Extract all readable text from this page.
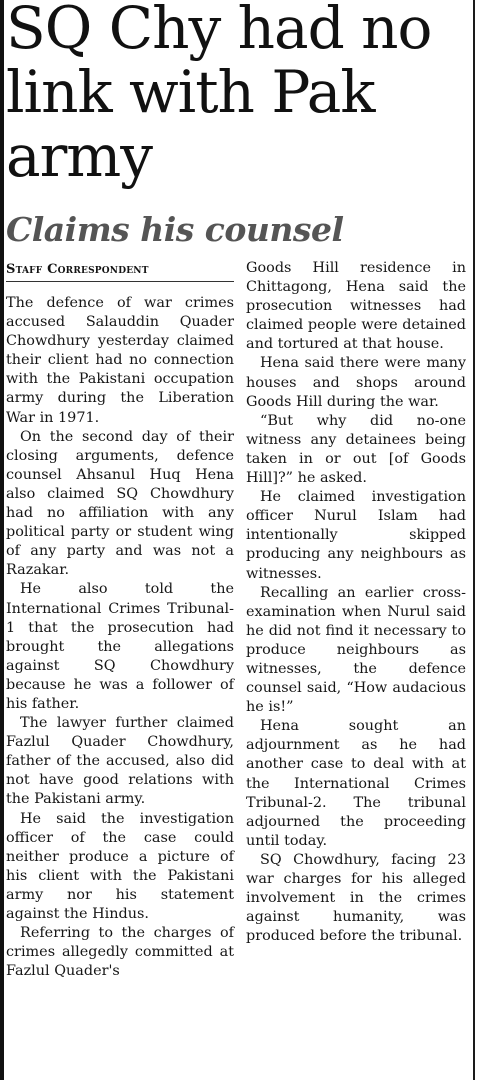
SQ Chy had no link with Pak army
Claims his counsel
Staff Correspondent

The defence of war crimes accused Salauddin Quader Chowdhury yesterday claimed their client had no connection with the Pakistani occupation army during the Liberation War in 1971.

On the second day of their closing arguments, defence counsel Ahsanul Huq Hena also claimed SQ Chowdhury had no affiliation with any political party or student wing of any party and was not a Razakar.

He also told the International Crimes Tribunal-1 that the prosecution had brought the allegations against SQ Chowdhury because he was a follower of his father.

The lawyer further claimed Fazlul Quader Chowdhury, father of the accused, also did not have good relations with the Pakistani army.

He said the investigation officer of the case could neither produce a picture of his client with the Pakistani army nor his statement against the Hindus.

Referring to the charges of crimes allegedly committed at Fazlul Quader's

Goods Hill residence in Chittagong, Hena said the prosecution witnesses had claimed people were detained and tortured at that house.

Hena said there were many houses and shops around Goods Hill during the war.

“But why did no-one witness any detainees being taken in or out [of Goods Hill]?” he asked.

He claimed investigation officer Nurul Islam had intentionally skipped producing any neighbours as witnesses.

Recalling an earlier cross-examination when Nurul said he did not find it necessary to produce neighbours as witnesses, the defence counsel said, “How audacious he is!”

Hena sought an adjournment as he had another case to deal with at the International Crimes Tribunal-2. The tribunal adjourned the proceeding until today.

SQ Chowdhury, facing 23 war charges for his alleged involvement in the crimes against humanity, was produced before the tribunal.
